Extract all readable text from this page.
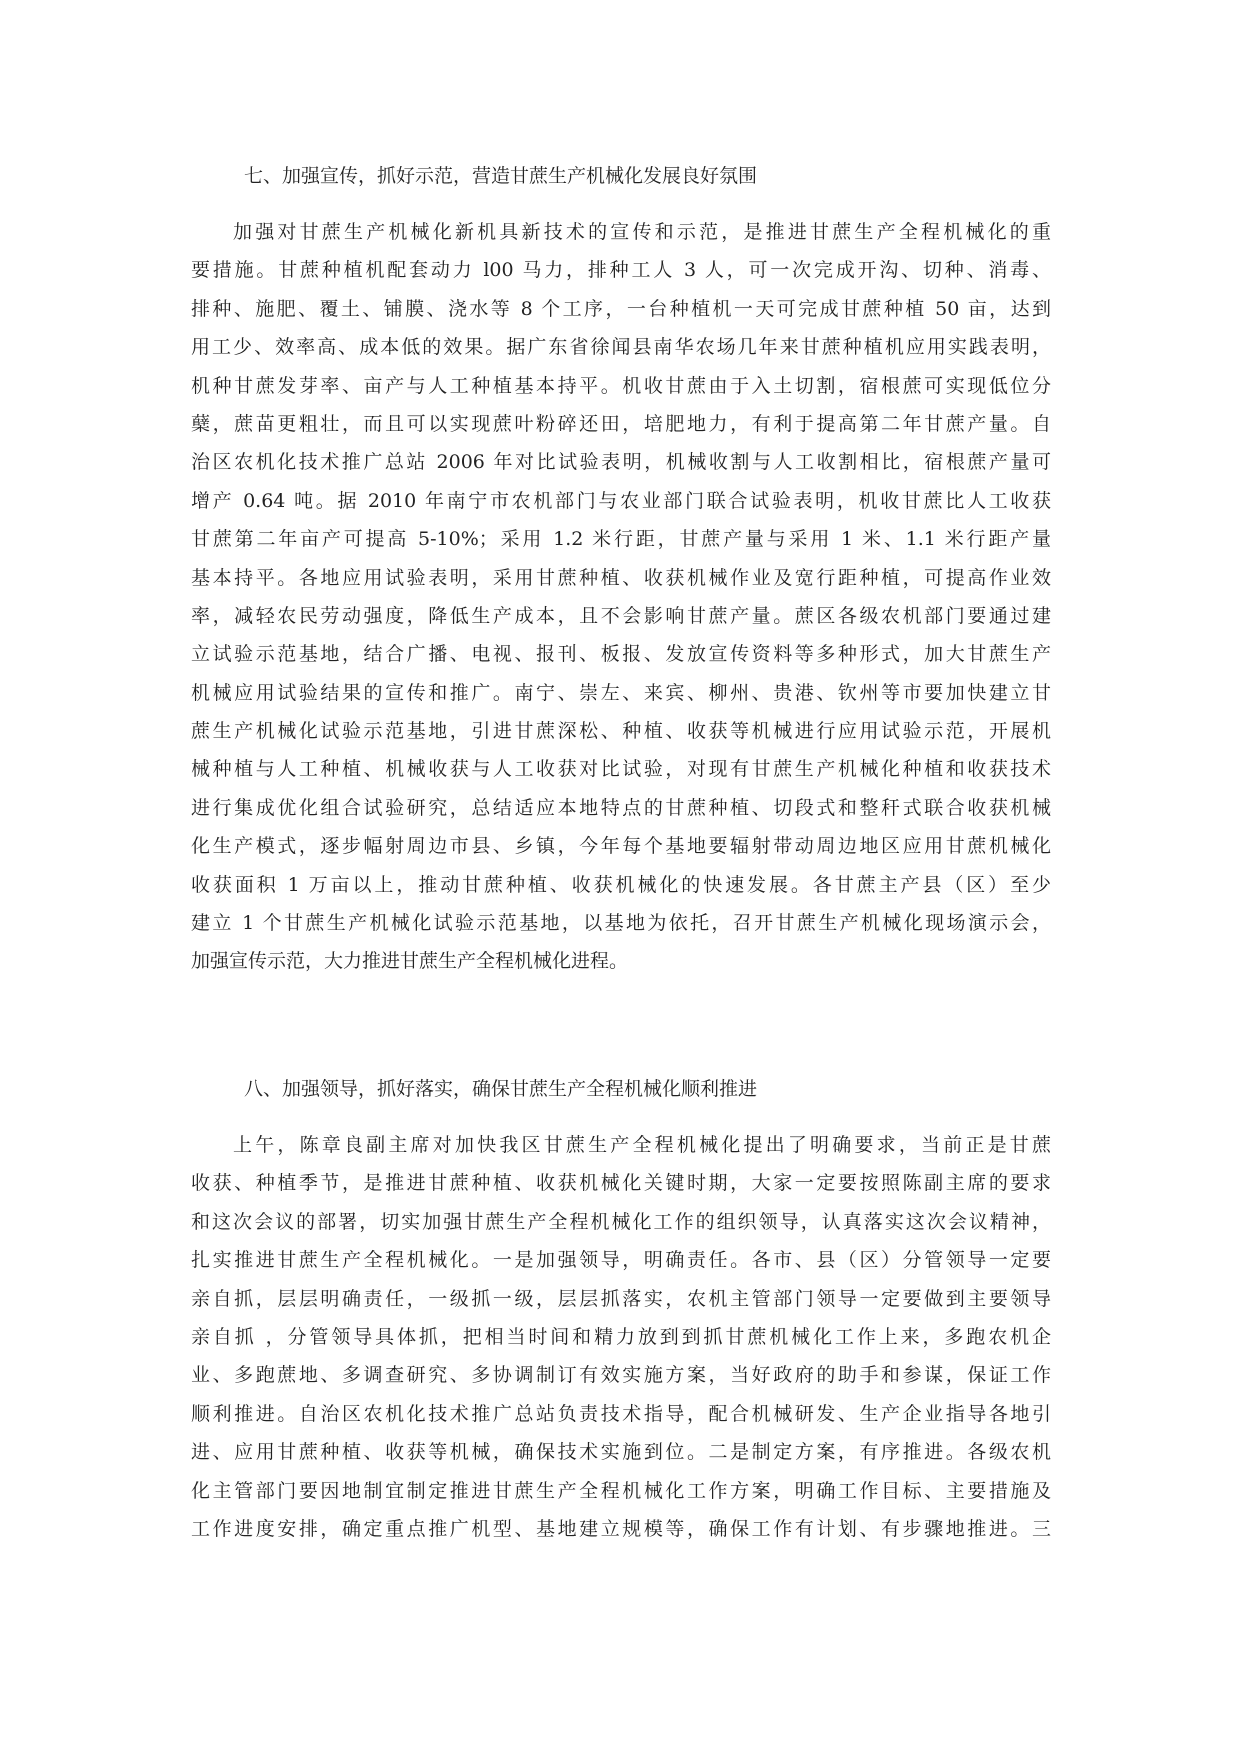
七、加强宣传，抓好示范，营造甘蔗生产机械化发展良好氛围

加强对甘蔗生产机械化新机具新技术的宣传和示范，是推进甘蔗生产全程机械化的重
要措施。甘蔗种植机配套动力 l00 马力，排种工人 3 人，可一次完成开沟、切种、消毒、
排种、施肥、覆土、铺膜、浇水等 8 个工序，一台种植机一天可完成甘蔗种植 50 亩，达到
用工少、效率高、成本低的效果。据广东省徐闻县南华农场几年来甘蔗种植机应用实践表明，
机种甘蔗发芽率、亩产与人工种植基本持平。机收甘蔗由于入土切割，宿根蔗可实现低位分
蘖，蔗苗更粗壮，而且可以实现蔗叶粉碎还田，培肥地力，有利于提高第二年甘蔗产量。自
治区农机化技术推广总站 2006 年对比试验表明，机械收割与人工收割相比，宿根蔗产量可
增产 0.64 吨。据 2010 年南宁市农机部门与农业部门联合试验表明，机收甘蔗比人工收获
甘蔗第二年亩产可提高 5-10%；采用 1.2 米行距，甘蔗产量与采用 1 米、1.1 米行距产量
基本持平。各地应用试验表明，采用甘蔗种植、收获机械作业及宽行距种植，可提高作业效
率，减轻农民劳动强度，降低生产成本，且不会影响甘蔗产量。蔗区各级农机部门要通过建
立试验示范基地，结合广播、电视、报刊、板报、发放宣传资料等多种形式，加大甘蔗生产
机械应用试验结果的宣传和推广。南宁、崇左、来宾、柳州、贵港、钦州等市要加快建立甘
蔗生产机械化试验示范基地，引进甘蔗深松、种植、收获等机械进行应用试验示范，开展机
械种植与人工种植、机械收获与人工收获对比试验，对现有甘蔗生产机械化种植和收获技术
进行集成优化组合试验研究，总结适应本地特点的甘蔗种植、切段式和整秆式联合收获机械
化生产模式，逐步幅射周边市县、乡镇，今年每个基地要辐射带动周边地区应用甘蔗机械化
收获面积 1 万亩以上，推动甘蔗种植、收获机械化的快速发展。各甘蔗主产县（区）至少
建立 1 个甘蔗生产机械化试验示范基地，以基地为依托，召开甘蔗生产机械化现场演示会，
加强宣传示范，大力推进甘蔗生产全程机械化进程。

八、加强领导，抓好落实，确保甘蔗生产全程机械化顺利推进

上午，陈章良副主席对加快我区甘蔗生产全程机械化提出了明确要求，当前正是甘蔗
收获、种植季节，是推进甘蔗种植、收获机械化关键时期，大家一定要按照陈副主席的要求
和这次会议的部署，切实加强甘蔗生产全程机械化工作的组织领导，认真落实这次会议精神，
扎实推进甘蔗生产全程机械化。一是加强领导，明确责任。各市、县（区）分管领导一定要
亲自抓，层层明确责任，一级抓一级，层层抓落实，农机主管部门领导一定要做到主要领导
亲自抓 ，分管领导具体抓，把相当时间和精力放到到抓甘蔗机械化工作上来，多跑农机企
业、多跑蔗地、多调查研究、多协调制订有效实施方案，当好政府的助手和参谋，保证工作
顺利推进。自治区农机化技术推广总站负责技术指导，配合机械研发、生产企业指导各地引
进、应用甘蔗种植、收获等机械，确保技术实施到位。二是制定方案，有序推进。各级农机
化主管部门要因地制宜制定推进甘蔗生产全程机械化工作方案，明确工作目标、主要措施及
工作进度安排，确定重点推广机型、基地建立规模等，确保工作有计划、有步骤地推进。三
